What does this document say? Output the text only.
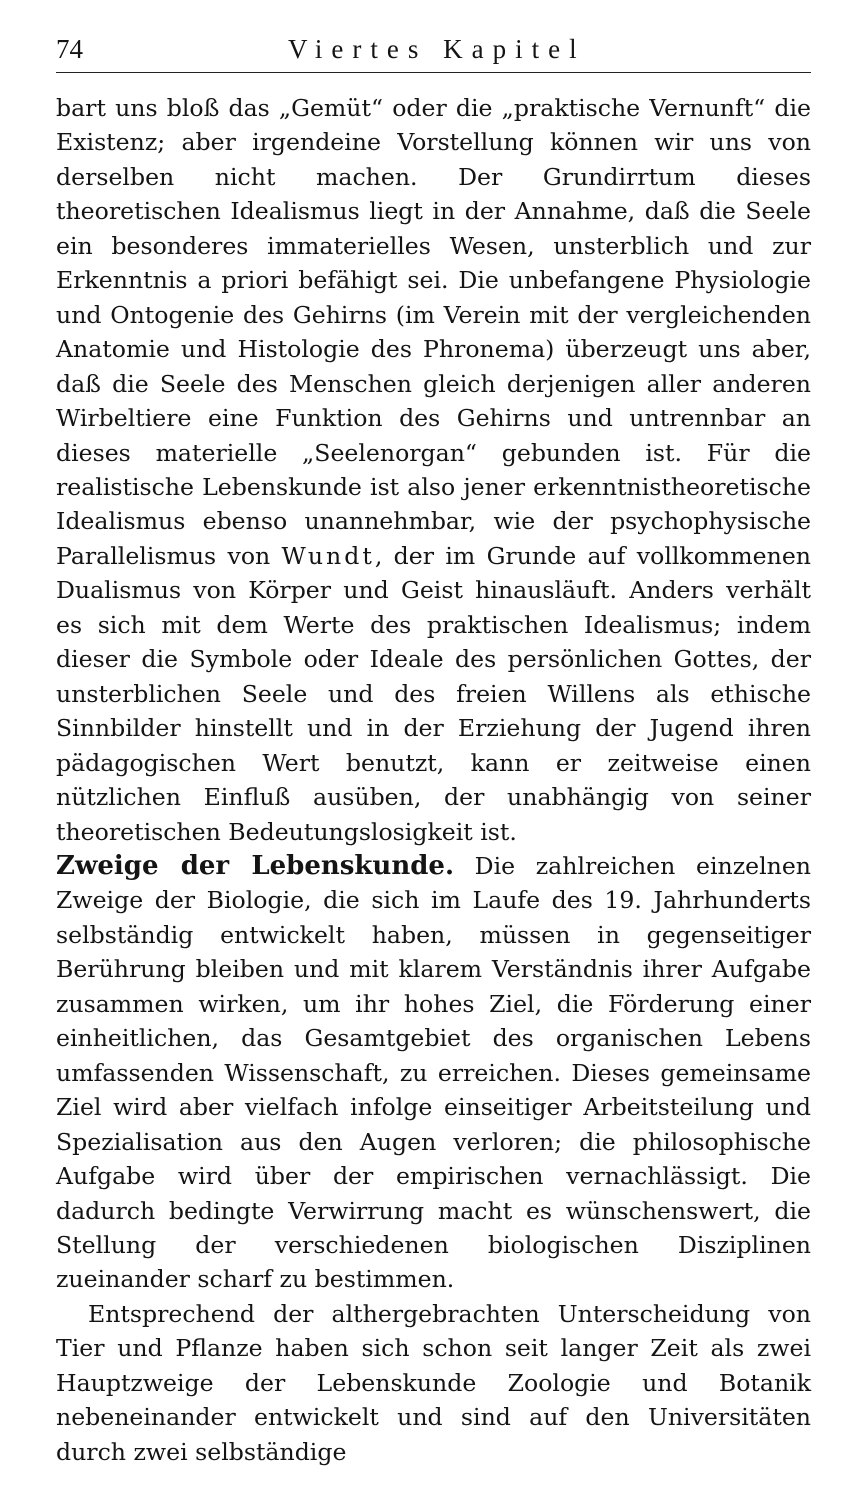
74	Viertes Kapitel

bart uns bloß das „Gemüt“ oder die „praktische Vernunft“ die Existenz; aber irgendeine Vorstellung können wir uns von derselben nicht machen. Der Grundirrtum dieses theoretischen Idealismus liegt in der Annahme, daß die Seele ein besonderes immaterielles Wesen, unsterblich und zur Erkenntnis a priori befähigt sei. Die unbefangene Physiologie und Ontogenie des Gehirns (im Verein mit der vergleichenden Anatomie und Histologie des Phronema) überzeugt uns aber, daß die Seele des Menschen gleich derjenigen aller anderen Wirbeltiere eine Funktion des Gehirns und untrennbar an dieses materielle „Seelenorgan“ gebunden ist. Für die realistische Lebenskunde ist also jener erkenntnistheoretische Idealismus ebenso unannehmbar, wie der psychophysische Parallelismus von Wundt, der im Grunde auf vollkommenen Dualismus von Körper und Geist hinausläuft. Anders verhält es sich mit dem Werte des praktischen Idealismus; indem dieser die Symbole oder Ideale des persönlichen Gottes, der unsterblichen Seele und des freien Willens als ethische Sinnbilder hinstellt und in der Erziehung der Jugend ihren pädagogischen Wert benutzt, kann er zeitweise einen nützlichen Einfluß ausüben, der unabhängig von seiner theoretischen Bedeutungslosigkeit ist.

Zweige der Lebenskunde. Die zahlreichen einzelnen Zweige der Biologie, die sich im Laufe des 19. Jahrhunderts selbständig entwickelt haben, müssen in gegenseitiger Berührung bleiben und mit klarem Verständnis ihrer Aufgabe zusammen wirken, um ihr hohes Ziel, die Förderung einer einheitlichen, das Gesamtgebiet des organischen Lebens umfassenden Wissenschaft, zu erreichen. Dieses gemeinsame Ziel wird aber vielfach infolge einseitiger Arbeitsteilung und Spezialisation aus den Augen verloren; die philosophische Aufgabe wird über der empirischen vernachlässigt. Die dadurch bedingte Verwirrung macht es wünschenswert, die Stellung der verschiedenen biologischen Disziplinen zueinander scharf zu bestimmen.

Entsprechend der althergebrachten Unterscheidung von Tier und Pflanze haben sich schon seit langer Zeit als zwei Hauptzweige der Lebenskunde Zoologie und Botanik nebeneinander entwickelt und sind auf den Universitäten durch zwei selbständige
